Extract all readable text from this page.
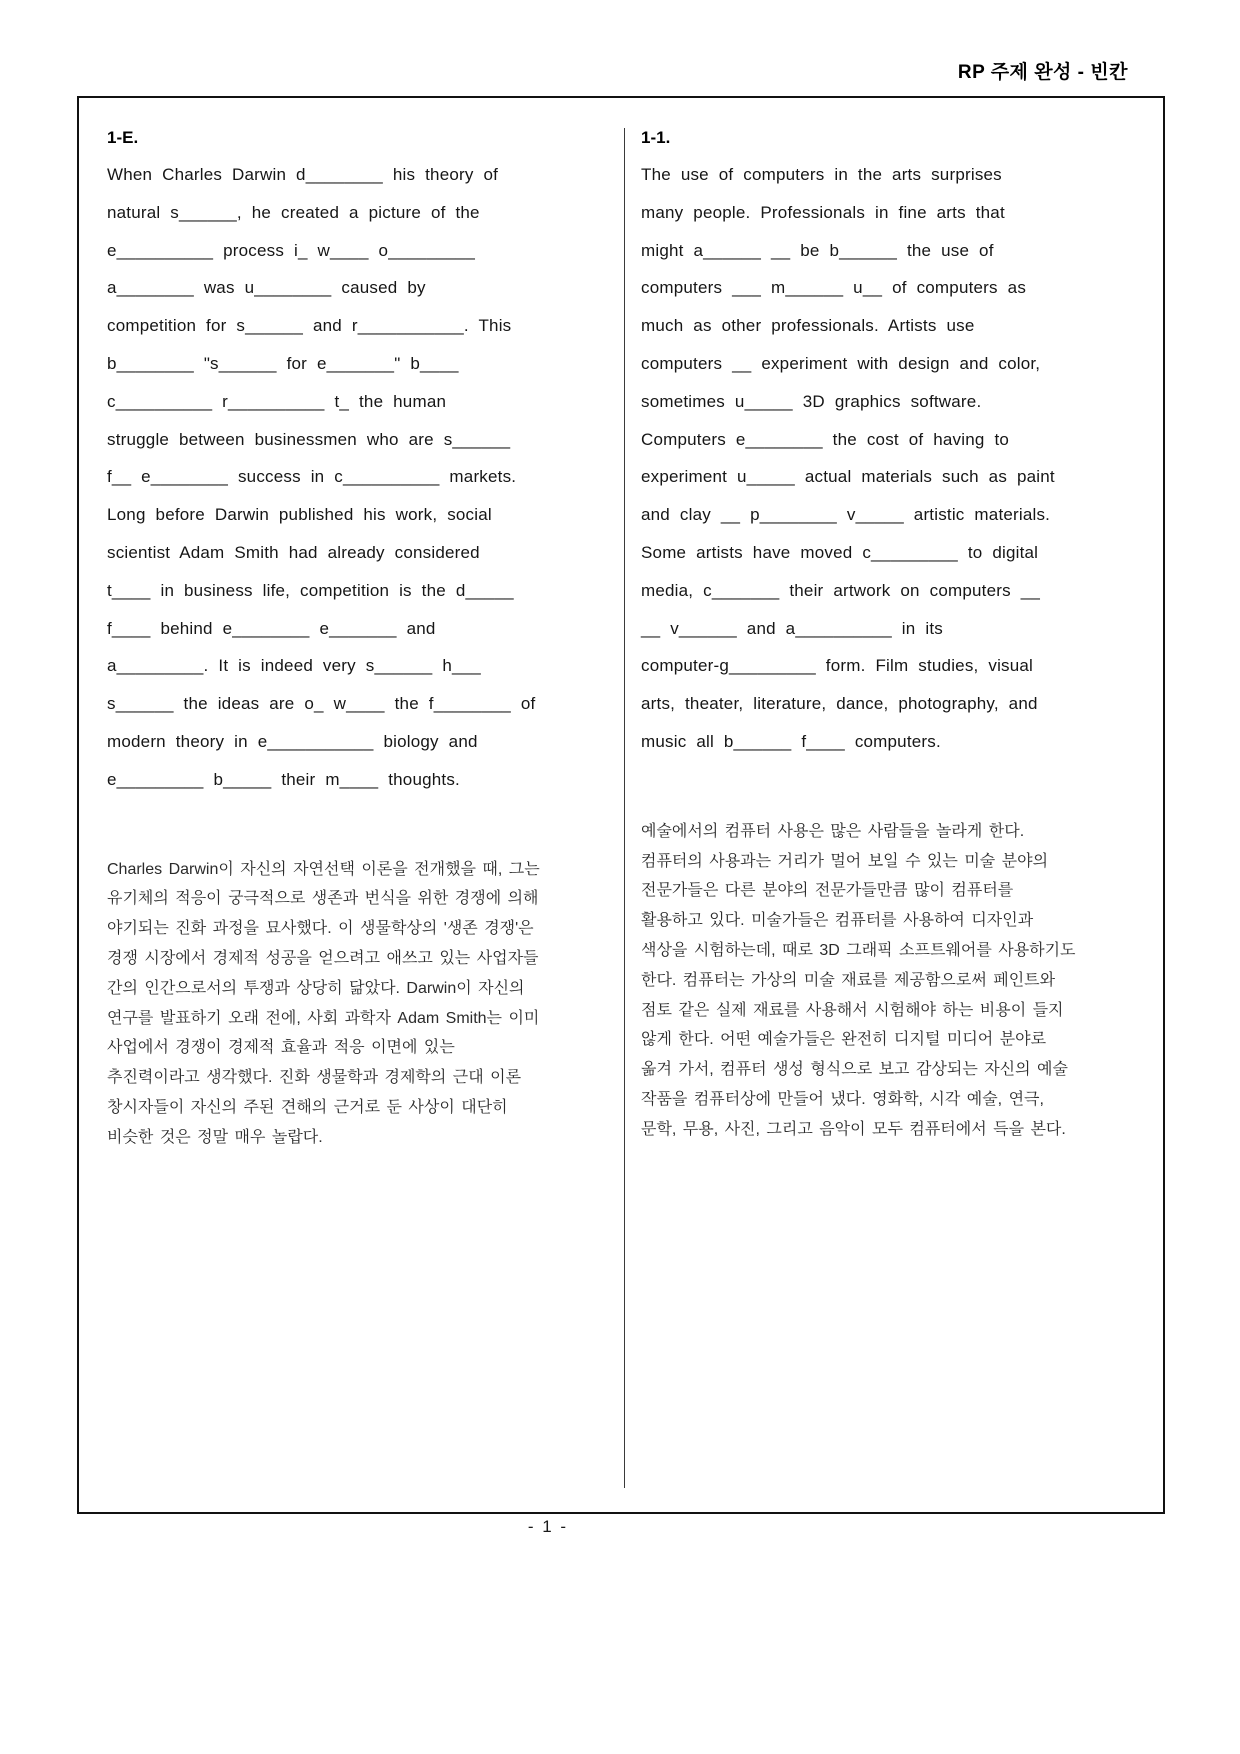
RP 주제 완성 - 빈칸
1-E.
When Charles Darwin d________ his theory of
natural s______, he created a picture of the
e__________ process i_ w____ o_________
a________ was u________ caused by
competition for s______ and r___________. This
b________ "s______ for e_______" b____
c__________ r__________ t_ the human
struggle between businessmen who are s______
f__ e________ success in c__________ markets.
Long before Darwin published his work, social
scientist Adam Smith had already considered
t____ in business life, competition is the d_____
f____ behind e________ e_______ and
a_________. It is indeed very s______ h___
s______ the ideas are o_ w____ the f________ of
modern theory in e___________ biology and
e_________ b_____ their m____ thoughts.
Charles Darwin이 자신의 자연선택 이론을 전개했을 때, 그는
유기체의 적응이 궁극적으로 생존과 번식을 위한 경쟁에 의해
야기되는 진화 과정을 묘사했다. 이 생물학상의 '생존 경쟁'은
경쟁 시장에서 경제적 성공을 얻으려고 애쓰고 있는 사업자들
간의 인간으로서의 투쟁과 상당히 닮았다. Darwin이 자신의
연구를 발표하기 오래 전에, 사회 과학자 Adam Smith는 이미
사업에서 경쟁이 경제적 효율과 적응 이면에 있는
추진력이라고 생각했다. 진화 생물학과 경제학의 근대 이론
창시자들이 자신의 주된 견해의 근거로 둔 사상이 대단히
비슷한 것은 정말 매우 놀랍다.
1-1.
The use of computers in the arts surprises
many people. Professionals in fine arts that
might a______ __ be b______ the use of
computers ___ m______ u__ of computers as
much as other professionals. Artists use
computers __ experiment with design and color,
sometimes u_____ 3D graphics software.
Computers e________ the cost of having to
experiment u_____ actual materials such as paint
and clay __ p________ v_____ artistic materials.
Some artists have moved c_________ to digital
media, c_______ their artwork on computers __
__ v______ and a__________ in its
computer-g_________ form. Film studies, visual
arts, theater, literature, dance, photography, and
music all b______ f____ computers.
예술에서의 컴퓨터 사용은 많은 사람들을 놀라게 한다.
컴퓨터의 사용과는 거리가 멀어 보일 수 있는 미술 분야의
전문가들은 다른 분야의 전문가들만큼 많이 컴퓨터를
활용하고 있다. 미술가들은 컴퓨터를 사용하여 디자인과
색상을 시험하는데, 때로 3D 그래픽 소프트웨어를 사용하기도
한다. 컴퓨터는 가상의 미술 재료를 제공함으로써 페인트와
점토 같은 실제 재료를 사용해서 시험해야 하는 비용이 들지
않게 한다. 어떤 예술가들은 완전히 디지털 미디어 분야로
옮겨 가서, 컴퓨터 생성 형식으로 보고 감상되는 자신의 예술
작품을 컴퓨터상에 만들어 냈다. 영화학, 시각 예술, 연극,
문학, 무용, 사진, 그리고 음악이 모두 컴퓨터에서 득을 본다.
- 1 -
